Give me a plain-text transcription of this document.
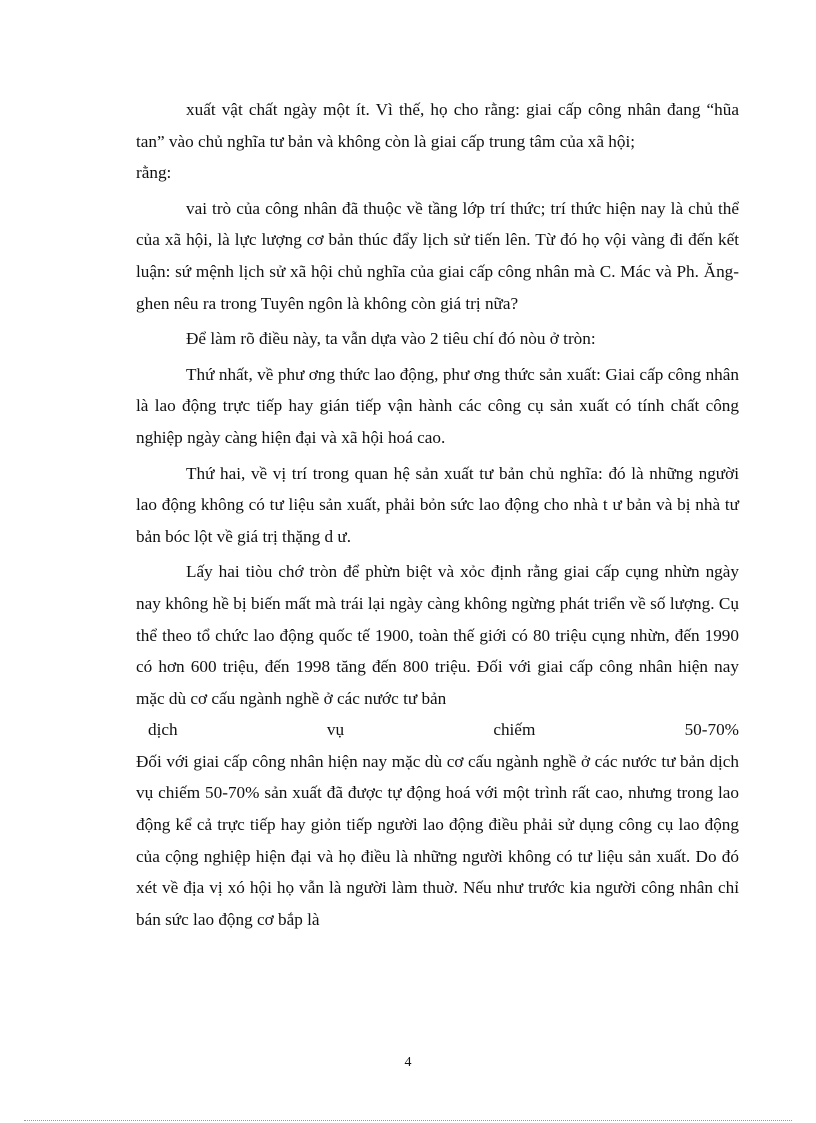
xuất vật chất ngày một ít. Vì thế, họ cho rằng: giai cấp công nhân đang “hũa tan” vào chủ nghĩa tư bản và không còn là giai cấp trung tâm của xã hội;

rằng:

vai trò của công nhân đã thuộc về tầng lớp trí thức; trí thức hiện nay là chủ thể của xã hội, là lực lượng cơ bản thúc đẩy lịch sử tiến lên. Từ đó họ vội vàng đi đến kết luận: sứ mệnh lịch sử xã hội chủ nghĩa của giai cấp công nhân mà C. Mác và Ph. Ăng-ghen nêu ra trong Tuyên ngôn là không còn giá trị nữa?

Để làm rõ điều này, ta vẫn dựa vào 2 tiêu chí đó nòu ở tròn:

Thứ nhất, về phư ơng thức lao động, phư ơng thức sản xuất: Giai cấp công nhân là lao động trực tiếp hay gián tiếp vận hành các công cụ sản xuất có tính chất công nghiệp ngày càng hiện đại và xã hội hoá cao.

Thứ hai, về vị trí trong quan hệ sản xuất tư bản chủ nghĩa: đó là những người lao động không có tư liệu sản xuất, phải bỏn sức lao động cho nhà t ư bản và bị nhà tư bản bóc lột về giá trị thặng d ư.

Lấy hai tiòu chớ tròn để phừn biệt và xỏc định rằng giai cấp cụng nhừn ngày nay không hề bị biến mất mà trái lại ngày càng không ngừng phát triển về số lượng. Cụ thể theo tổ chức lao động quốc tế 1900, toàn thế giới có 80 triệu cụng nhừn, đến 1990 có hơn 600 triệu, đến 1998 tăng đến 800 triệu. Đối với giai cấp công nhân hiện nay mặc dù cơ cấu ngành nghề ở các nước tư bản

dịch	vụ	chiếm	50-70%

Đối với giai cấp công nhân hiện nay mặc dù cơ cấu ngành nghề ở các nước tư bản dịch vụ chiếm 50-70% sản xuất đã được tự động hoá với một trình rất cao, nhưng trong lao động kể cả trực tiếp hay giỏn tiếp người lao động điều phải sử dụng công cụ lao động của cộng nghiệp hiện đại và họ điều là những người không có tư liệu sản xuất. Do đó xét về địa vị xó hội họ vẫn là người làm thuờ. Nếu như trước kia người công nhân chỉ bán sức lao động cơ bắp là

4
